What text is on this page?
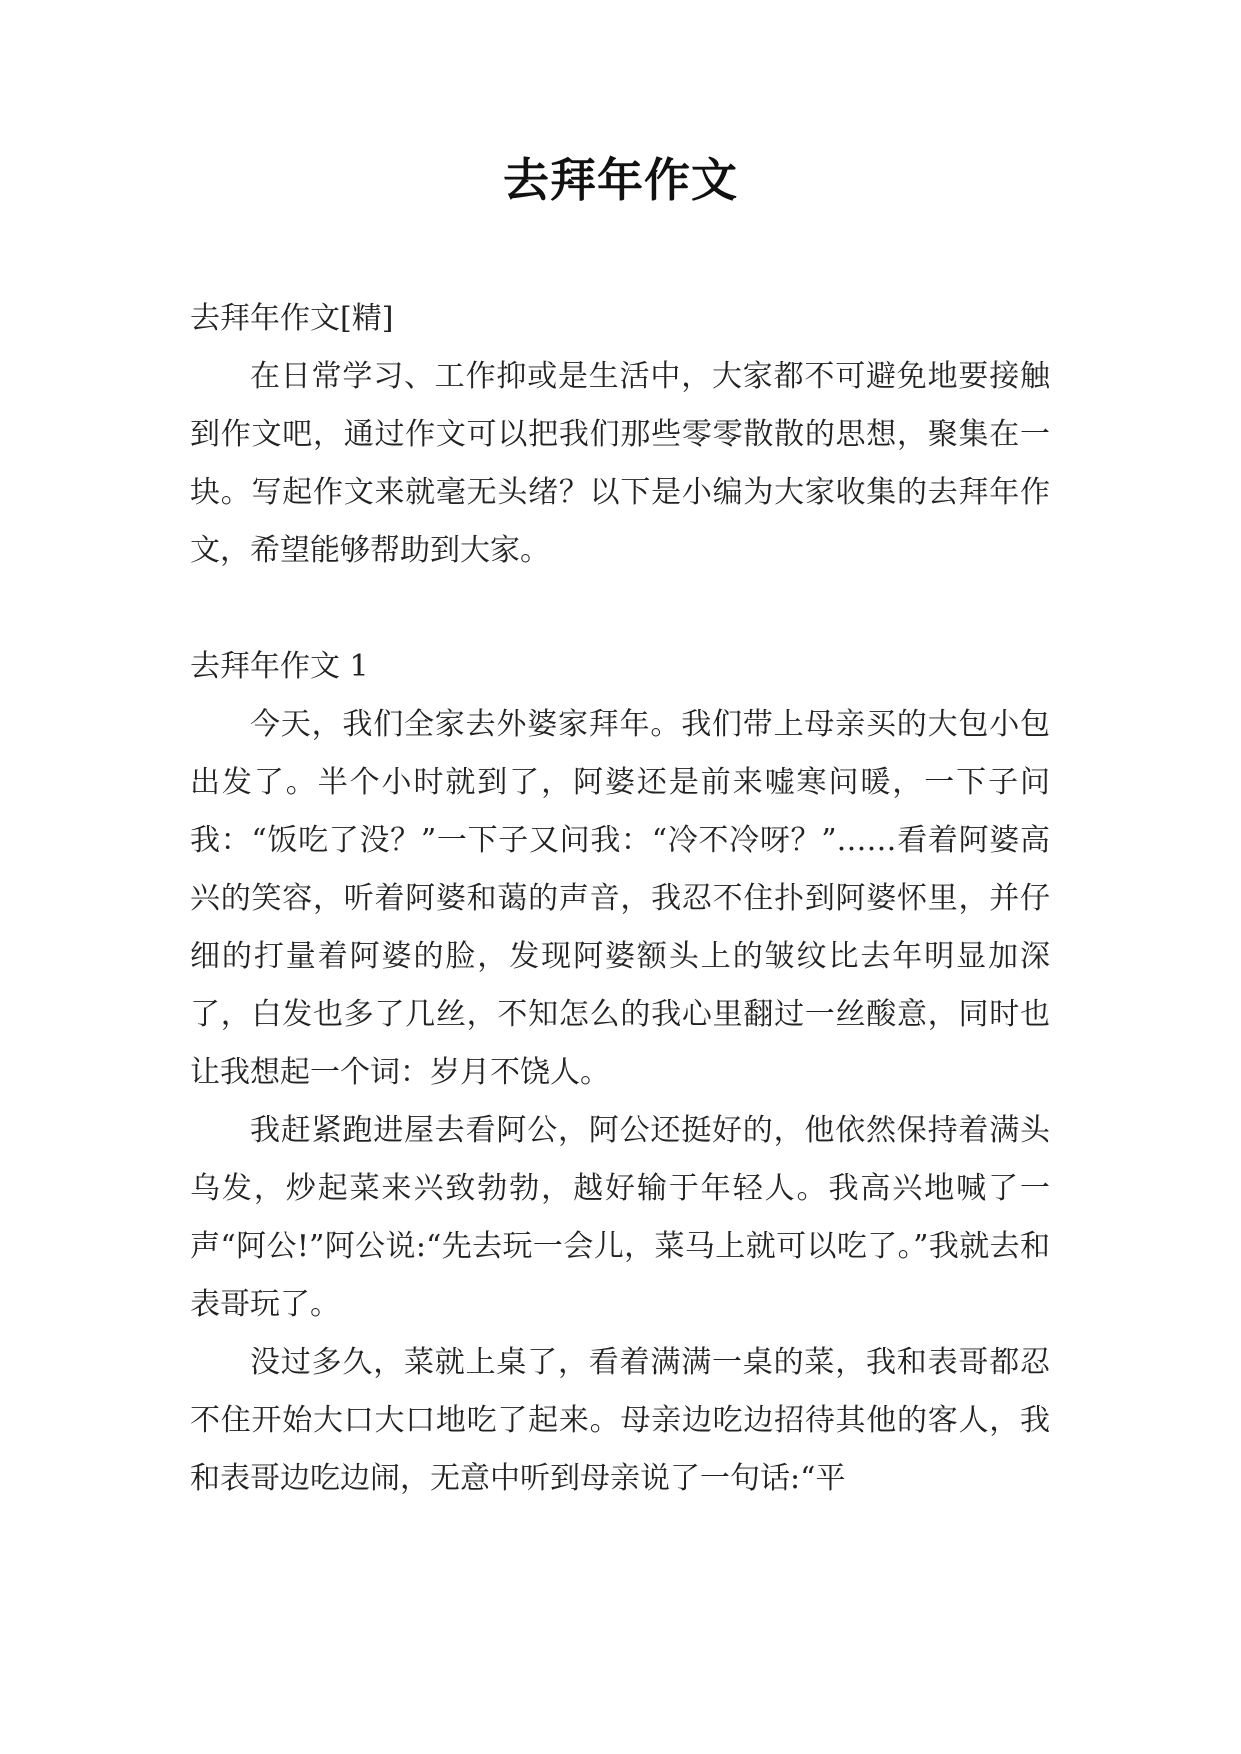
去拜年作文

去拜年作文[精]

在日常学习、工作抑或是生活中，大家都不可避免地要接触到作文吧，通过作文可以把我们那些零零散散的思想，聚集在一块。写起作文来就毫无头绪？以下是小编为大家收集的去拜年作文，希望能够帮助到大家。

去拜年作文 1

今天，我们全家去外婆家拜年。我们带上母亲买的大包小包出发了。半个小时就到了，阿婆还是前来嘘寒问暖，一下子问我：“饭吃了没？”一下子又问我：“冷不冷呀？”……看着阿婆高兴的笑容，听着阿婆和蔼的声音，我忍不住扑到阿婆怀里，并仔细的打量着阿婆的脸，发现阿婆额头上的皱纹比去年明显加深了，白发也多了几丝，不知怎么的我心里翻过一丝酸意，同时也让我想起一个词：岁月不饶人。

我赶紧跑进屋去看阿公，阿公还挺好的，他依然保持着满头乌发，炒起菜来兴致勃勃，越好输于年轻人。我高兴地喊了一声“阿公!”阿公说:“先去玩一会儿，菜马上就可以吃了。”我就去和表哥玩了。

没过多久，菜就上桌了，看着满满一桌的菜，我和表哥都忍不住开始大口大口地吃了起来。母亲边吃边招待其他的客人，我和表哥边吃边闹，无意中听到母亲说了一句话:“平
